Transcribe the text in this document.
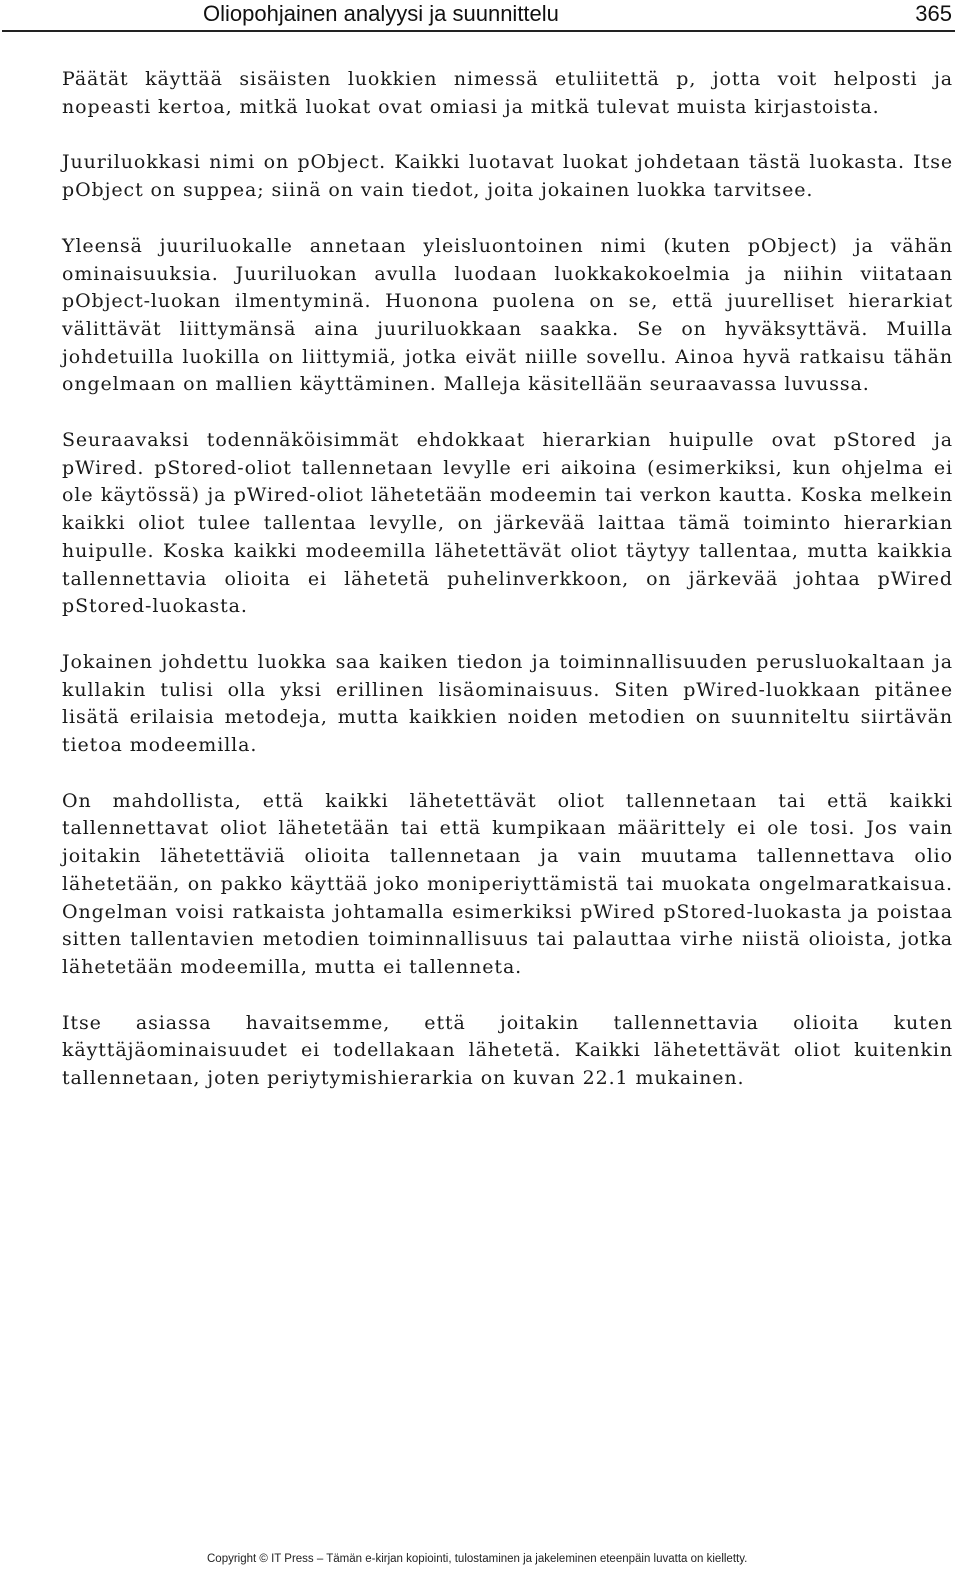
Oliopohjainen analyysi ja suunnittelu	365

Päätät käyttää sisäisten luokkien nimessä etuliitettä p, jotta voit helposti ja nopeasti kertoa, mitkä luokat ovat omiasi ja mitkä tulevat muista kirjastoista.

Juuriluokkasi nimi on pObject. Kaikki luotavat luokat johdetaan tästä luokasta. Itse pObject on suppea; siinä on vain tiedot, joita jokainen luokka tarvitsee.

Yleensä juuriluokalle annetaan yleisluontoinen nimi (kuten pObject) ja vähän ominaisuuksia. Juuriluokan avulla luodaan luokkakokoelmia ja niihin viitataan pObject-luokan ilmentyminä. Huonona puolena on se, että juurelliset hierarkiat välittävät liittymänsä aina juuriluokkaan saakka. Se on hyväksyttävä. Muilla johdetuilla luokilla on liittymiä, jotka eivät niille sovellu. Ainoa hyvä ratkaisu tähän ongelmaan on mallien käyttäminen. Malleja käsitellään seuraavassa luvussa.

Seuraavaksi todennäköisimmät ehdokkaat hierarkian huipulle ovat pStored ja pWired. pStored-oliot tallennetaan levylle eri aikoina (esimerkiksi, kun ohjelma ei ole käytössä) ja pWired-oliot lähetetään modeemin tai verkon kautta. Koska melkein kaikki oliot tulee tallentaa levylle, on järkevää laittaa tämä toiminto hierarkian huipulle. Koska kaikki modeemilla lähetettävät oliot täytyy tallentaa, mutta kaikkia tallennettavia olioita ei lähetetä puhelinverkkoon, on järkevää johtaa pWired pStored-luokasta.

Jokainen johdettu luokka saa kaiken tiedon ja toiminnallisuuden perusluokaltaan ja kullakin tulisi olla yksi erillinen lisäominaisuus. Siten pWired-luokkaan pitänee lisätä erilaisia metodeja, mutta kaikkien noiden metodien on suunniteltu siirtävän tietoa modeemilla.

On mahdollista, että kaikki lähetettävät oliot tallennetaan tai että kaikki tallennettavat oliot lähetetään tai että kumpikaan määrittely ei ole tosi. Jos vain joitakin lähetettäviä olioita tallennetaan ja vain muutama tallennettava olio lähetetään, on pakko käyttää joko moniperiyttämistä tai muokata ongelmaratkaisua. Ongelman voisi ratkaista johtamalla esimerkiksi pWired pStored-luokasta ja poistaa sitten tallentavien metodien toiminnallisuus tai palauttaa virhe niistä olioista, jotka lähetetään modeemilla, mutta ei tallenneta.

Itse asiassa havaitsemme, että joitakin tallennettavia olioita kuten käyttäjäominaisuudet ei todellakaan lähetetä. Kaikki lähetettävät oliot kuitenkin tallennetaan, joten periytymishierarkia on kuvan 22.1 mukainen.

Copyright © IT Press – Tämän e-kirjan kopiointi, tulostaminen ja jakeleminen eteenpäin luvatta on kielletty.
